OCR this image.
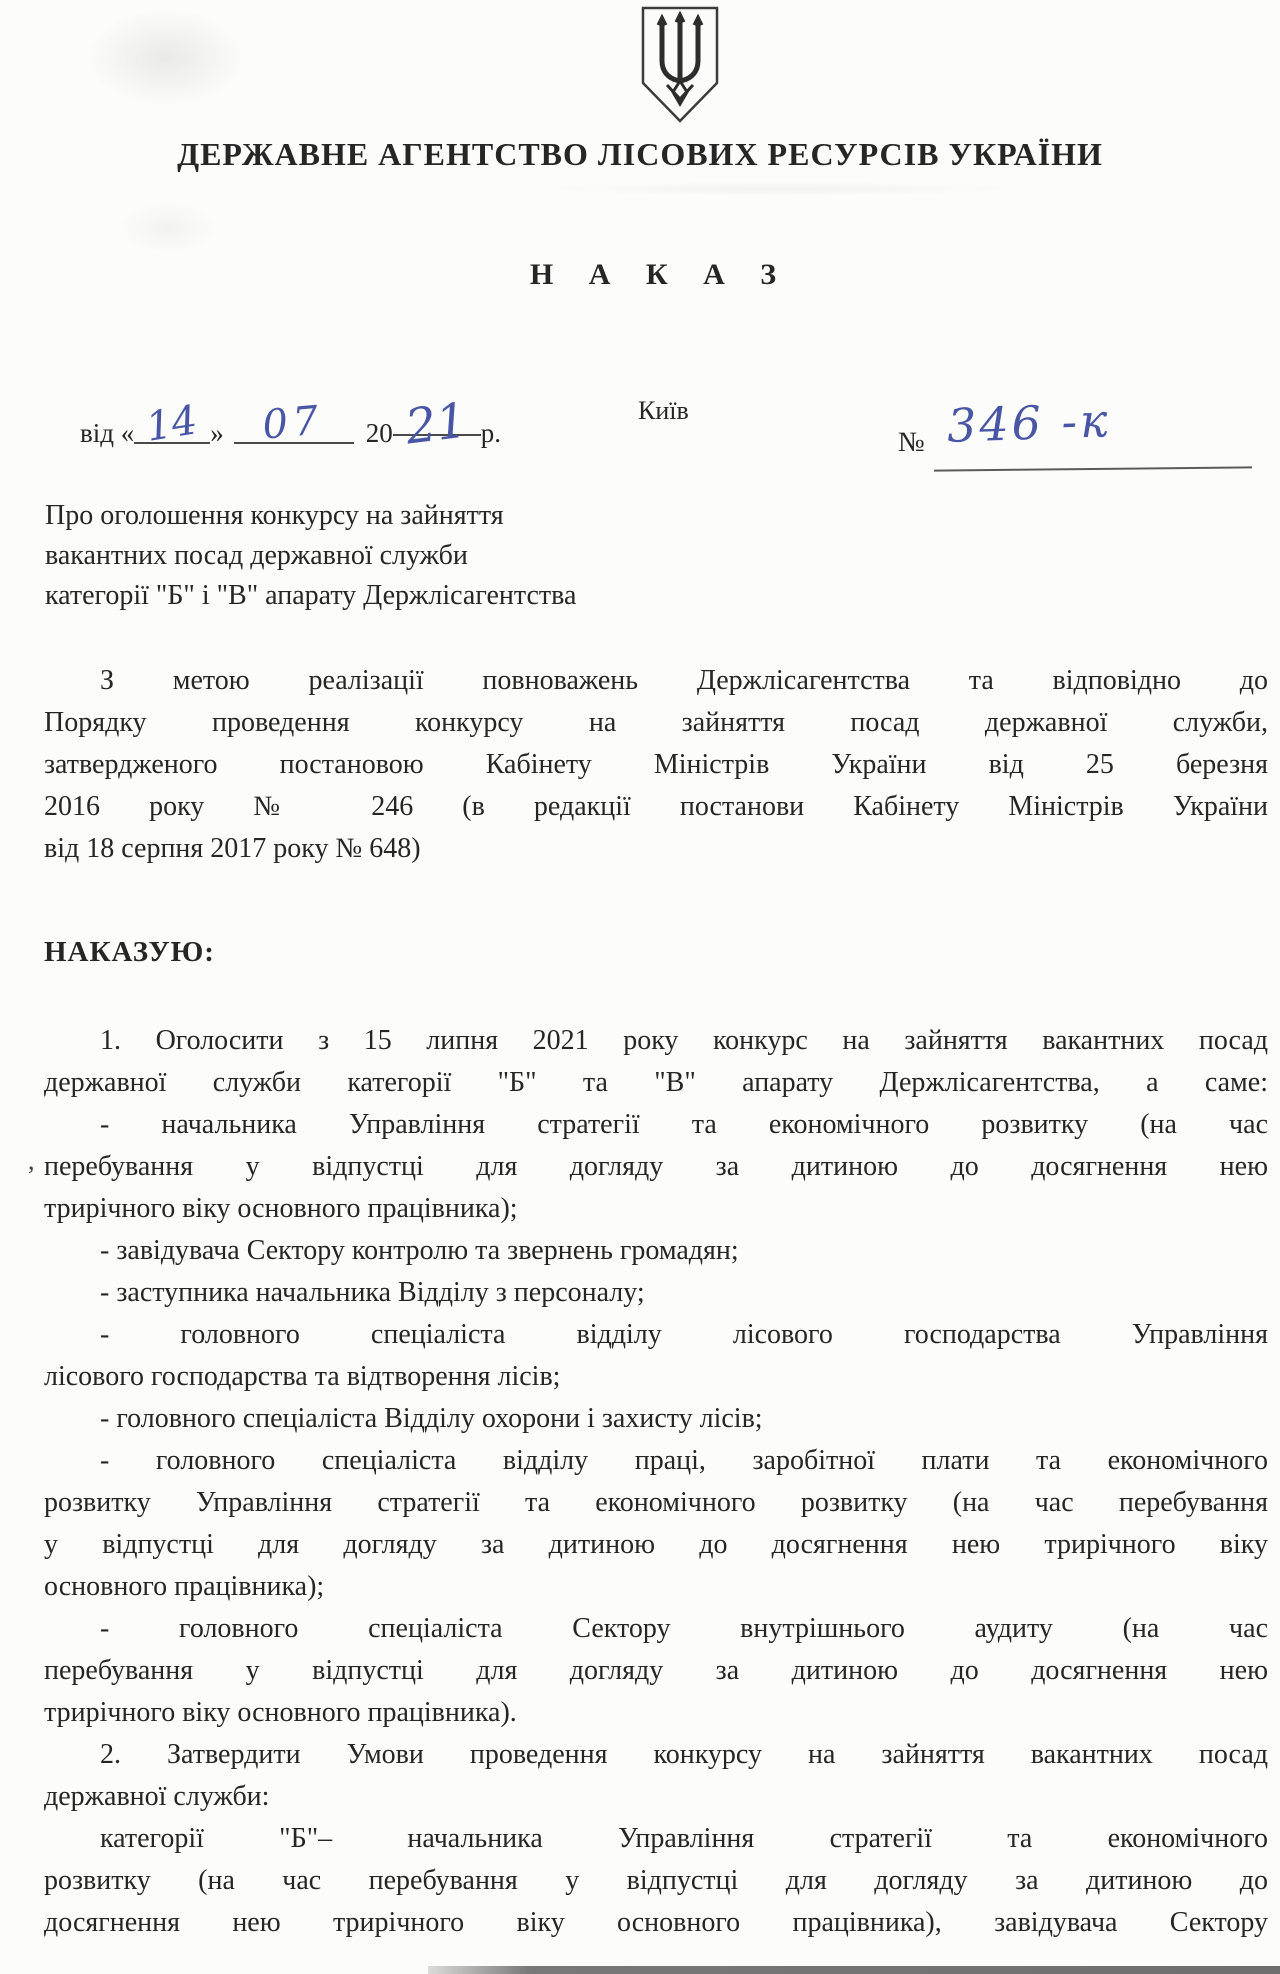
ДЕРЖАВНЕ АГЕНТСТВО ЛІСОВИХ РЕСУРСІВ УКРАЇНИ
Н А К А З
від « 14 » 07 20 21 р.
Київ
№ 346 -к
Про оголошення конкурсу на зайняття
вакантних посад державної служби
категорії "Б" і "В" апарату Держлісагентства
З метою реалізації повноважень Держлісагентства та відповідно до
Порядку проведення конкурсу на зайняття посад державної служби,
затвердженого постановою Кабінету Міністрів України від 25 березня
2016 року № 246 (в редакції постанови Кабінету Міністрів України
від 18 серпня 2017 року № 648)
НАКАЗУЮ:
1. Оголосити з 15 липня 2021 року конкурс на зайняття вакантних посад
державної служби категорії "Б" та "В" апарату Держлісагентства, а саме:
- начальника Управління стратегії та економічного розвитку (на час
перебування у відпустці для догляду за дитиною до досягнення нею
трирічного віку основного працівника);
- завідувача Сектору контролю та звернень громадян;
- заступника начальника Відділу з персоналу;
- головного спеціаліста відділу лісового господарства Управління
лісового господарства та відтворення лісів;
- головного спеціаліста Відділу охорони і захисту лісів;
- головного спеціаліста відділу праці, заробітної плати та економічного
розвитку Управління стратегії та економічного розвитку (на час перебування
у відпустці для догляду за дитиною до досягнення нею трирічного віку
основного працівника);
- головного спеціаліста Сектору внутрішнього аудиту (на час
перебування у відпустці для догляду за дитиною до досягнення нею
трирічного віку основного працівника).
2. Затвердити Умови проведення конкурсу на зайняття вакантних посад
державної служби:
категорії "Б"– начальника Управління стратегії та економічного
розвитку (на час перебування у відпустці для догляду за дитиною до
досягнення нею трирічного віку основного працівника), завідувача Сектору
,
